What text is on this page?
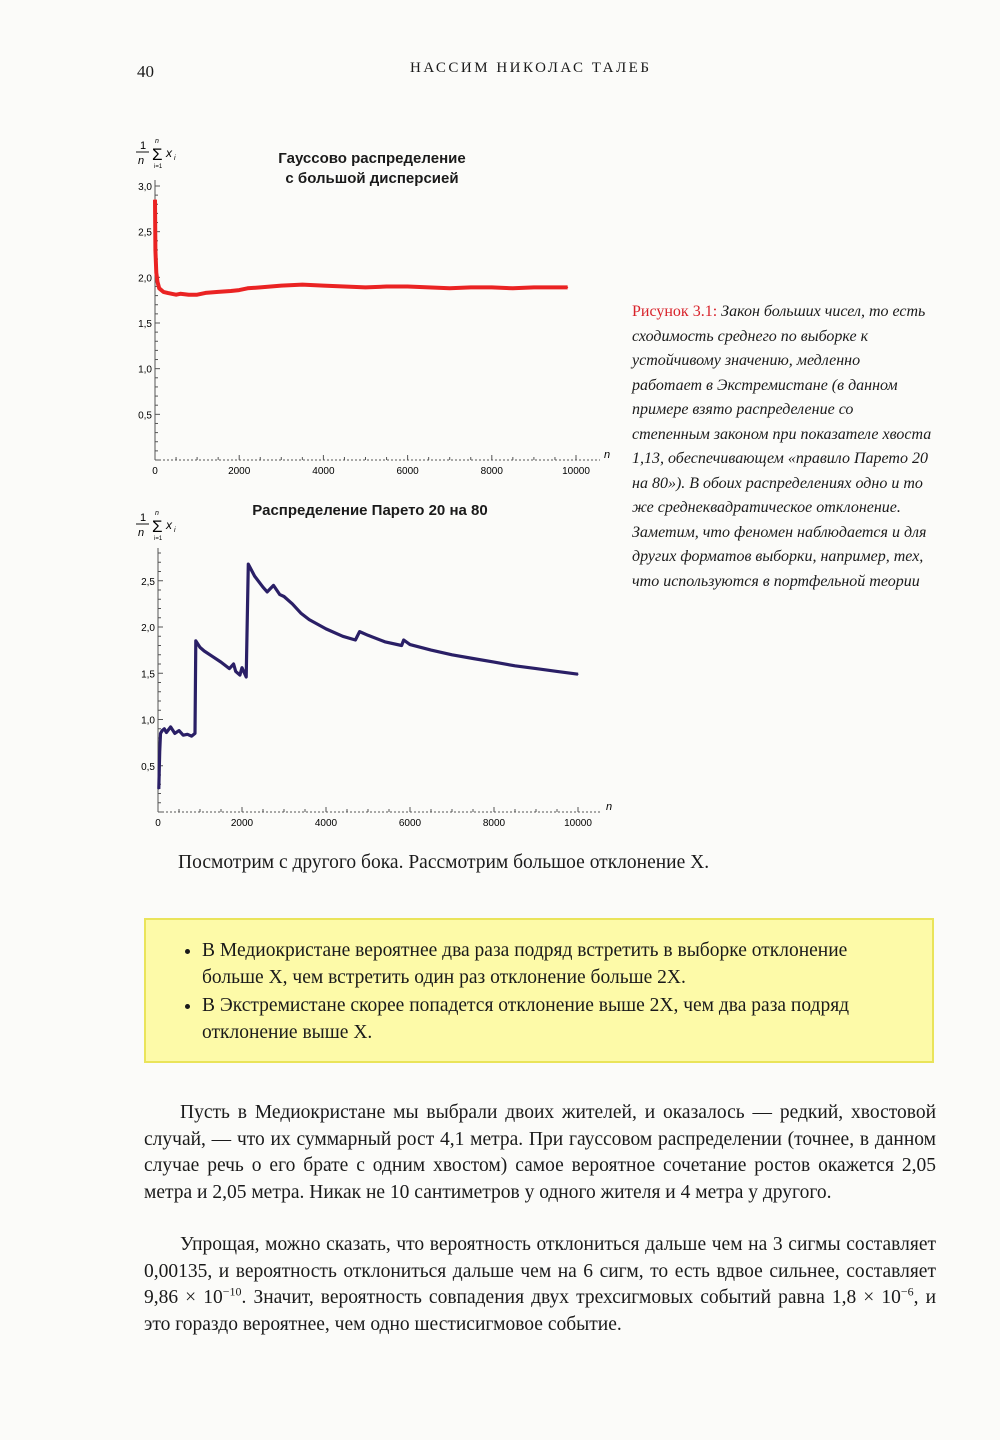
40	НАССИМ НИКОЛАС ТАЛЕБ
1
n Σ
n
i=1
x i	Гауссово распределение
с большой дисперсией
0	2000	4000	6000	8000	10000
0,5
1,0
1,5
2,0
2,5
3,0
n
1
n Σ
n
i=1
x i
Распределение Парето 20 на 80
0	2000	4000	6000	8000	10000
0,5
1,0
1,5
2,0
2,5
n
Рисунок 3.1: Закон больших чисел, то есть сходимость среднего по выборке к устойчивому значению, медленно работает в Экстремистане (в данном примере взято распределение со степенным законом при показателе хвоста 1,13, обеспечивающем «правило Парето 20 на 80»). В обоих распределениях одно и то же среднеквадратическое отклонение. Заметим, что феномен наблюдается и для других форматов выборки, например, тех, что используются в портфельной теории
Посмотрим с другого бока. Рассмотрим большое отклонение X.
• В Медиокристане вероятнее два раза подряд встретить в выборке отклонение больше X, чем встретить один раз отклонение больше 2X.
• В Экстремистане скорее попадется отклонение выше 2X, чем два раза подряд отклонение выше X.

Пусть в Медиокристане мы выбрали двоих жителей, и оказалось — редкий, хвостовой случай, — что их суммарный рост 4,1 метра. При гауссовом распределении (точнее, в данном случае речь о его брате с одним хвостом) самое вероятное сочетание ростов окажется 2,05 метра и 2,05 метра. Никак не 10 сантиметров у одного жителя и 4 метра у другого.

Упрощая, можно сказать, что вероятность отклониться дальше чем на 3 сигмы составляет 0,00135, и вероятность отклониться дальше чем на 6 сигм, то есть вдвое сильнее, составляет $9,86 \times 10^{-10}$. Значит, вероятность совпадения двух трехсигмовых событий равна $1,8 \times 10^{-6}$, и это гораздо вероятнее, чем одно шестисигмовое событие.
